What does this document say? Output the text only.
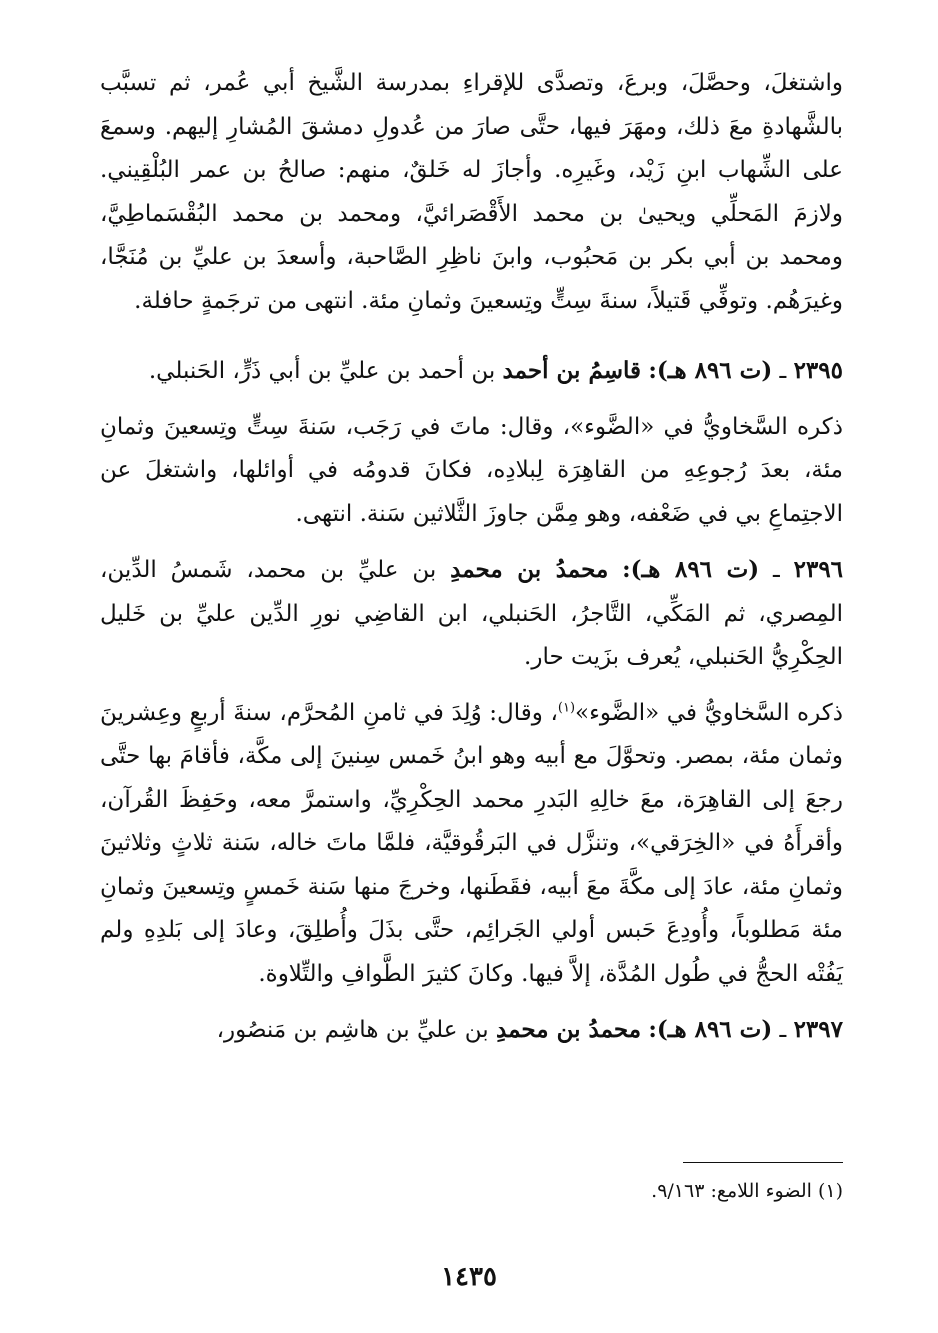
واشتغلَ، وحصَّلَ، وبرعَ، وتصدَّى للإقراءِ بمدرسة الشَّيخ أبي عُمر، ثم تسبَّب بالشَّهادةِ معَ ذلك، ومهَرَ فيها، حتَّى صارَ من عُدولِ دمشقَ المُشارِ إليهم. وسمعَ على الشِّهاب ابنِ زَيْد، وغَيرِه. وأجازَ له خَلقٌ، منهم: صالحُ بن عمر البُلْقِيني. ولازمَ المَحلِّي ويحيىٰ بن محمد الأَقْصَرائيَّ، ومحمد بن محمد البُقْسَماطِيَّ، ومحمد بن أبي بكر بن مَحبُوب، وابنَ ناظِرِ الصَّاحبة، وأسعدَ بن عليِّ بن مُنَجَّا، وغيرَهُم. وتوفِّي قَتيلاً، سنةَ سِتٍّ وتِسعينَ وثمانِ مئة. انتهى من ترجَمةٍ حافلة.

٢٣٩٥ ـ (ت ٨٩٦ هـ): قاسِمُ بن أحمد بن أحمد بن عليِّ بن أبي ذَرٍّ، الحَنبلي.

ذكره السَّخاويُّ في «الضَّوء»، وقال: ماتَ في رَجَب، سَنةَ سِتٍّ وتِسعينَ وثمانِ مئة، بعدَ رُجوعِهِ من القاهِرَة لِبلادِه، فكانَ قدومُه في أوائلها، واشتغلَ عن الاجتِماعِ بي في ضَعْفه، وهو مِمَّن جاوزَ الثَّلاثين سَنة. انتهى.

٢٣٩٦ ـ (ت ٨٩٦ هـ): محمدُ بن محمدِ بن عليِّ بن محمد، شَمسُ الدِّين، المِصري، ثم المَكِّي، التَّاجرُ، الحَنبلي، ابن القاضِي نورِ الدِّين عليِّ بن خَليل الحِكْرِيُّ الحَنبلي، يُعرف بزَيت حار.

ذكره السَّخاويُّ في «الضَّوء»$^{(١)}$، وقال: وُلِدَ في ثامنِ المُحرَّم، سنةَ أربعٍ وعِشرينَ وثمان مئة، بمصر. وتحوَّلَ مع أبيه وهو ابنُ خَمس سِنينَ إلى مكَّة، فأقامَ بها حتَّى رجعَ إلى القاهِرَة، معَ خالِهِ البَدرِ محمد الحِكْرِيِّ، واستمرَّ معه، وحَفِظَ القُرآن، وأقرأَهُ في «الخِرَقي»، وتنزَّل في البَرقُوقيَّة، فلمَّا ماتَ خاله، سَنة ثلاثٍ وثلاثينَ وثمانِ مئة، عادَ إلى مكَّةَ معَ أبيه، فقَطَنها، وخرجَ منها سَنة خَمسٍ وتِسعينَ وثمانِ مئة مَطلوباً، وأُودِعَ حَبس أولي الجَرائِم، حتَّى بذَلَ وأُطلِقَ، وعادَ إلى بَلدِهِ ولم يَفُتْه الحجُّ في طُول المُدَّة، إلاَّ فيها. وكانَ كثيرَ الطَّوافِ والتِّلاوة.

٢٣٩٧ ـ (ت ٨٩٦ هـ): محمدُ بن محمدِ بن عليِّ بن هاشِم بن مَنصُور،

(١) الضوء اللامع: ٩/١٦٣.
١٤٣٥
